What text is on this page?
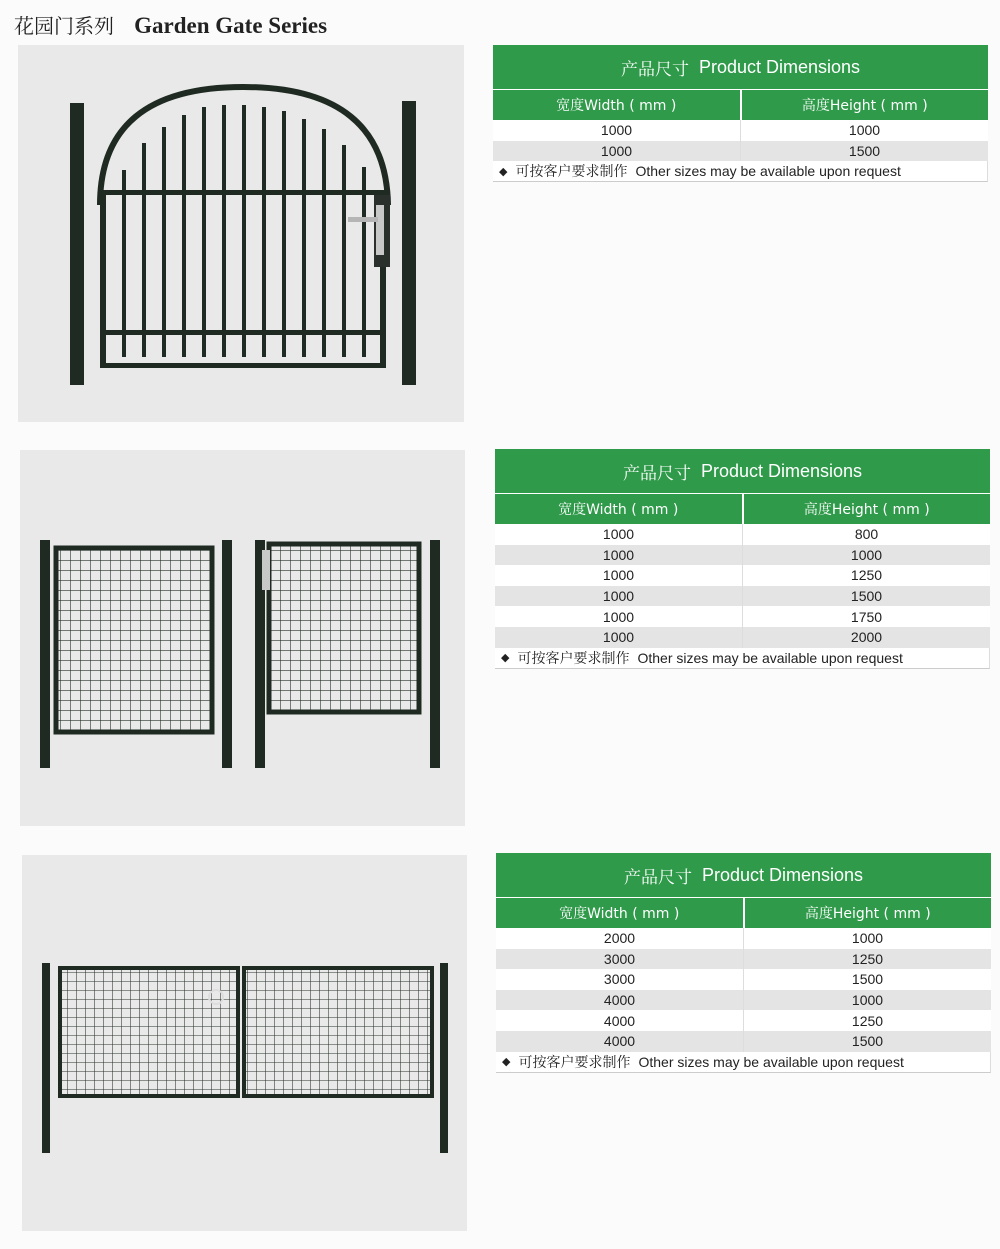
花园门系列 Garden Gate Series
产品尺寸 Product Dimensions
宽度Width ( mm )	高度Height ( mm )
1000	1000
1000	1500
◆ 可按客户要求制作 Other sizes may be available upon request
产品尺寸 Product Dimensions
宽度Width ( mm )	高度Height ( mm )
1000	800
1000	1000
1000	1250
1000	1500
1000	1750
1000	2000
◆ 可按客户要求制作 Other sizes may be available upon request
产品尺寸 Product Dimensions
宽度Width ( mm )	高度Height ( mm )
2000	1000
3000	1250
3000	1500
4000	1000
4000	1250
4000	1500
◆ 可按客户要求制作 Other sizes may be available upon request
